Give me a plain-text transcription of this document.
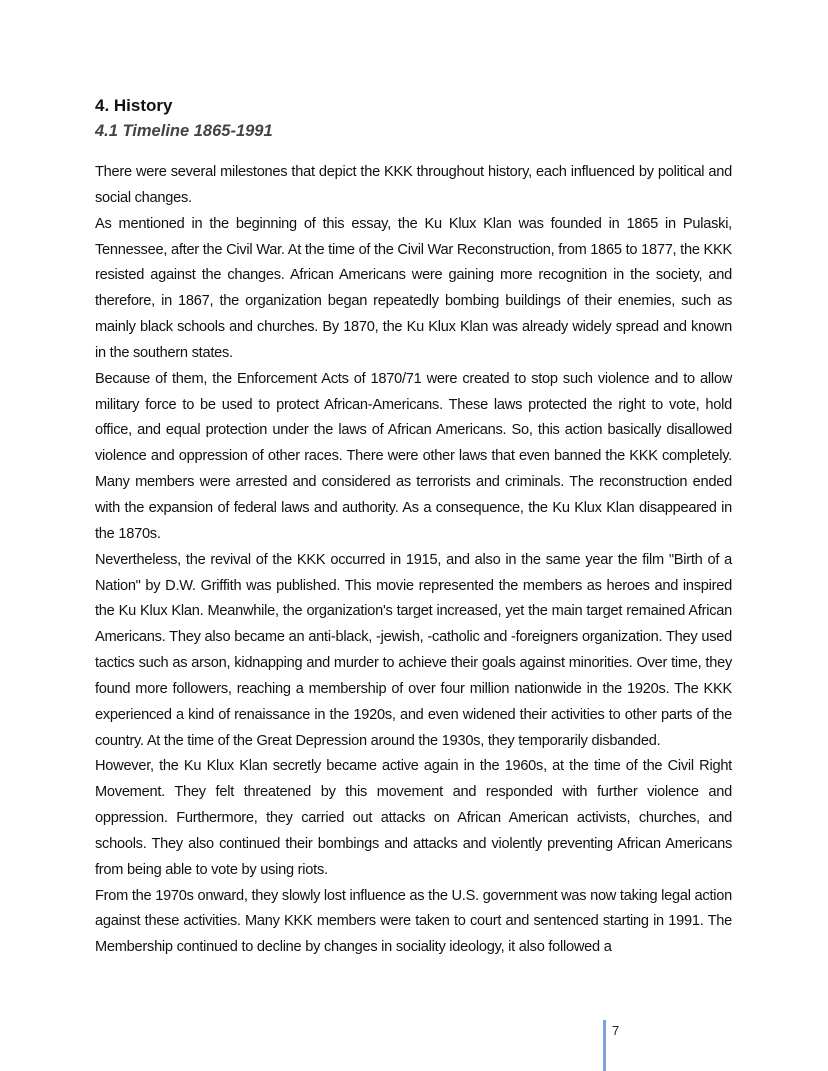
4. History
4.1 Timeline 1865-1991

There were several milestones that depict the KKK throughout history, each influenced by political and social changes.

As mentioned in the beginning of this essay, the Ku Klux Klan was founded in 1865 in Pulaski, Tennessee, after the Civil War. At the time of the Civil War Reconstruction, from 1865 to 1877, the KKK resisted against the changes. African Americans were gaining more recognition in the society, and therefore, in 1867, the organization began repeatedly bombing buildings of their enemies, such as mainly black schools and churches. By 1870, the Ku Klux Klan was already widely spread and known in the southern states.

Because of them, the Enforcement Acts of 1870/71 were created to stop such violence and to allow military force to be used to protect African-Americans. These laws protected the right to vote, hold office, and equal protection under the laws of African Americans. So, this action basically disallowed violence and oppression of other races. There were other laws that even banned the KKK completely. Many members were arrested and considered as terrorists and criminals. The reconstruction ended with the expansion of federal laws and authority. As a consequence, the Ku Klux Klan disappeared in the 1870s.

Nevertheless, the revival of the KKK occurred in 1915, and also in the same year the film "Birth of a Nation" by D.W. Griffith was published. This movie represented the members as heroes and inspired the Ku Klux Klan. Meanwhile, the organization's target increased, yet the main target remained African Americans. They also became an anti-black, -jewish, -catholic and -foreigners organization. They used tactics such as arson, kidnapping and murder to achieve their goals against minorities. Over time, they found more followers, reaching a membership of over four million nationwide in the 1920s. The KKK experienced a kind of renaissance in the 1920s, and even widened their activities to other parts of the country. At the time of the Great Depression around the 1930s, they temporarily disbanded.

However, the Ku Klux Klan secretly became active again in the 1960s, at the time of the Civil Right Movement. They felt threatened by this movement and responded with further violence and oppression. Furthermore, they carried out attacks on African American activists, churches, and schools. They also continued their bombings and attacks and violently preventing African Americans from being able to vote by using riots.

From the 1970s onward, they slowly lost influence as the U.S. government was now taking legal action against these activities. Many KKK members were taken to court and sentenced starting in 1991. The Membership continued to decline by changes in sociality ideology, it also followed a

7
